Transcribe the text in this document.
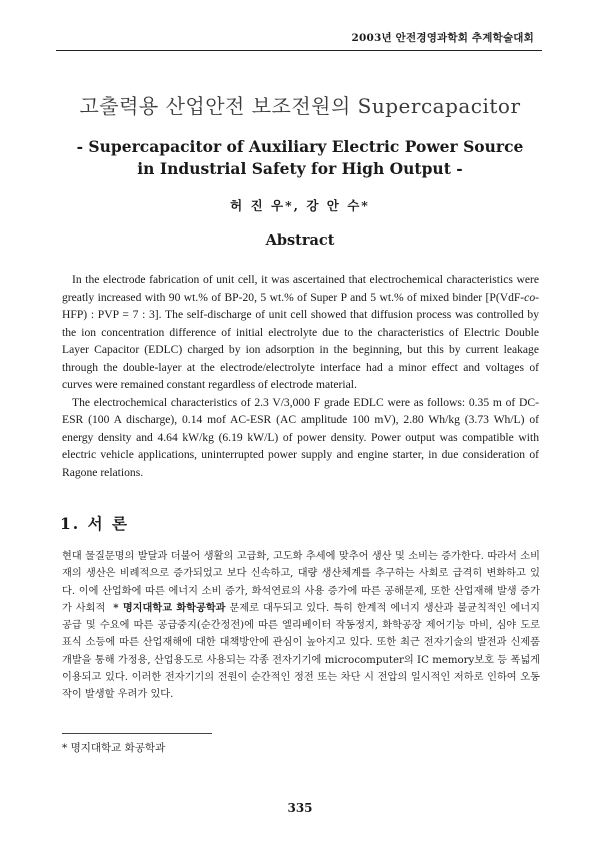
2003년 안전경영과학회 추계학술대회
고출력용 산업안전 보조전원의 Supercapacitor
- Supercapacitor of Auxiliary Electric Power Source
in Industrial Safety for High Output -
허 진 우*, 강 안 수*
Abstract

In the electrode fabrication of unit cell, it was ascertained that electrochemical characteristics were greatly increased with 90 wt.% of BP-20, 5 wt.% of Super P and 5 wt.% of mixed binder [P(VdF-co-HFP) : PVP = 7 : 3]. The self-discharge of unit cell showed that diffusion process was controlled by the ion concentration difference of initial electrolyte due to the characteristics of Electric Double Layer Capacitor (EDLC) charged by ion adsorption in the beginning, but this by current leakage through the double-layer at the electrode/electrolyte interface had a minor effect and voltages of curves were remained constant regardless of electrode material.

The electrochemical characteristics of 2.3 V/3,000 F grade EDLC were as follows: 0.35 m of DC-ESR (100 A discharge), 0.14 mof AC-ESR (AC amplitude 100 mV), 2.80 Wh/kg (3.73 Wh/L) of energy density and 4.64 kW/kg (6.19 kW/L) of power density. Power output was compatible with electric vehicle applications, uninterrupted power supply and engine starter, in due consideration of Ragone relations.

1. 서 론

현대 물질문명의 발달과 더불어 생활의 고급화, 고도화 추세에 맞추어 생산 및 소비는 증가한다. 따라서 소비재의 생산은 비례적으로 증가되었고 보다 신속하고, 대량 생산체계를 추구하는 사회로 급격히 변화하고 있다. 이에 산업화에 따른 에너지 소비 증가, 화석연료의 사용 증가에 따른 공해문제, 또한 산업재해 발생 증가가 사회적 * 명지대학교 화학공학과 문제로 대두되고 있다. 특히 한계적 에너지 생산과 불균칙적인 에너지 공급 및 수요에 따른 공급중지(순간정전)에 따른 엘리베이터 작동정지, 화학공장 제어기능 마비, 심야 도로 표식 소등에 따른 산업재해에 대한 대책방안에 관심이 높아지고 있다. 또한 최근 전자기술의 발전과 신제품 개발을 통해 가정용, 산업용도로 사용되는 각종 전자기기에 microcomputer의 IC memory보호 등 폭넓게 이용되고 있다. 이러한 전자기기의 전원이 순간적인 정전 또는 차단 시 전압의 일시적인 저하로 인하여 오동작이 발생할 우려가 있다.

* 명지대학교 화공학과
335
